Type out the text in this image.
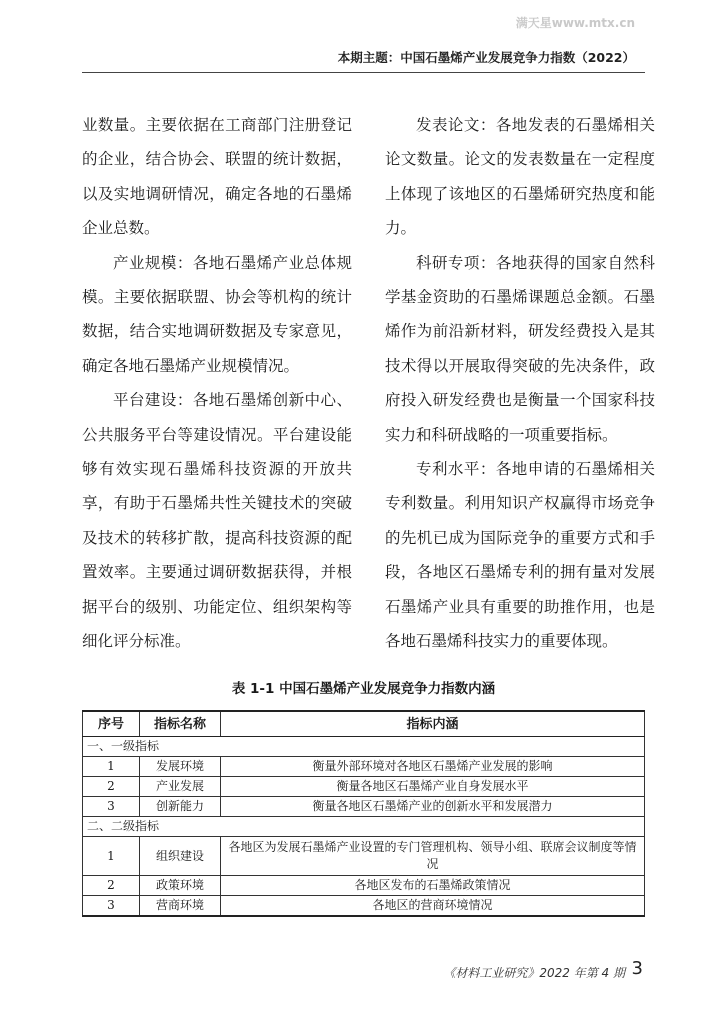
满天星www.mtx.cn
本期主题：中国石墨烯产业发展竞争力指数（2022）

业数量。主要依据在工商部门注册登记的企业，结合协会、联盟的统计数据，以及实地调研情况，确定各地的石墨烯企业总数。

产业规模：各地石墨烯产业总体规模。主要依据联盟、协会等机构的统计数据，结合实地调研数据及专家意见，确定各地石墨烯产业规模情况。

平台建设：各地石墨烯创新中心、公共服务平台等建设情况。平台建设能够有效实现石墨烯科技资源的开放共享，有助于石墨烯共性关键技术的突破及技术的转移扩散，提高科技资源的配置效率。主要通过调研数据获得，并根据平台的级别、功能定位、组织架构等细化评分标准。

发表论文：各地发表的石墨烯相关论文数量。论文的发表数量在一定程度上体现了该地区的石墨烯研究热度和能力。

科研专项：各地获得的国家自然科学基金资助的石墨烯课题总金额。石墨烯作为前沿新材料，研发经费投入是其技术得以开展取得突破的先决条件，政府投入研发经费也是衡量一个国家科技实力和科研战略的一项重要指标。

专利水平：各地申请的石墨烯相关专利数量。利用知识产权赢得市场竞争的先机已成为国际竞争的重要方式和手段，各地区石墨烯专利的拥有量对发展石墨烯产业具有重要的助推作用，也是各地石墨烯科技实力的重要体现。

表 1-1 中国石墨烯产业发展竞争力指数内涵
序号	指标名称	指标内涵
一、一级指标		
1	发展环境	衡量外部环境对各地区石墨烯产业发展的影响
2	产业发展	衡量各地区石墨烯产业自身发展水平
3	创新能力	衡量各地区石墨烯产业的创新水平和发展潜力
二、二级指标		
1	组织建设	各地区为发展石墨烯产业设置的专门管理机构、领导小组、联席会议制度等情况
2	政策环境	各地区发布的石墨烯政策情况
3	营商环境	各地区的营商环境情况
《材料工业研究》2022 年第 4 期 3
